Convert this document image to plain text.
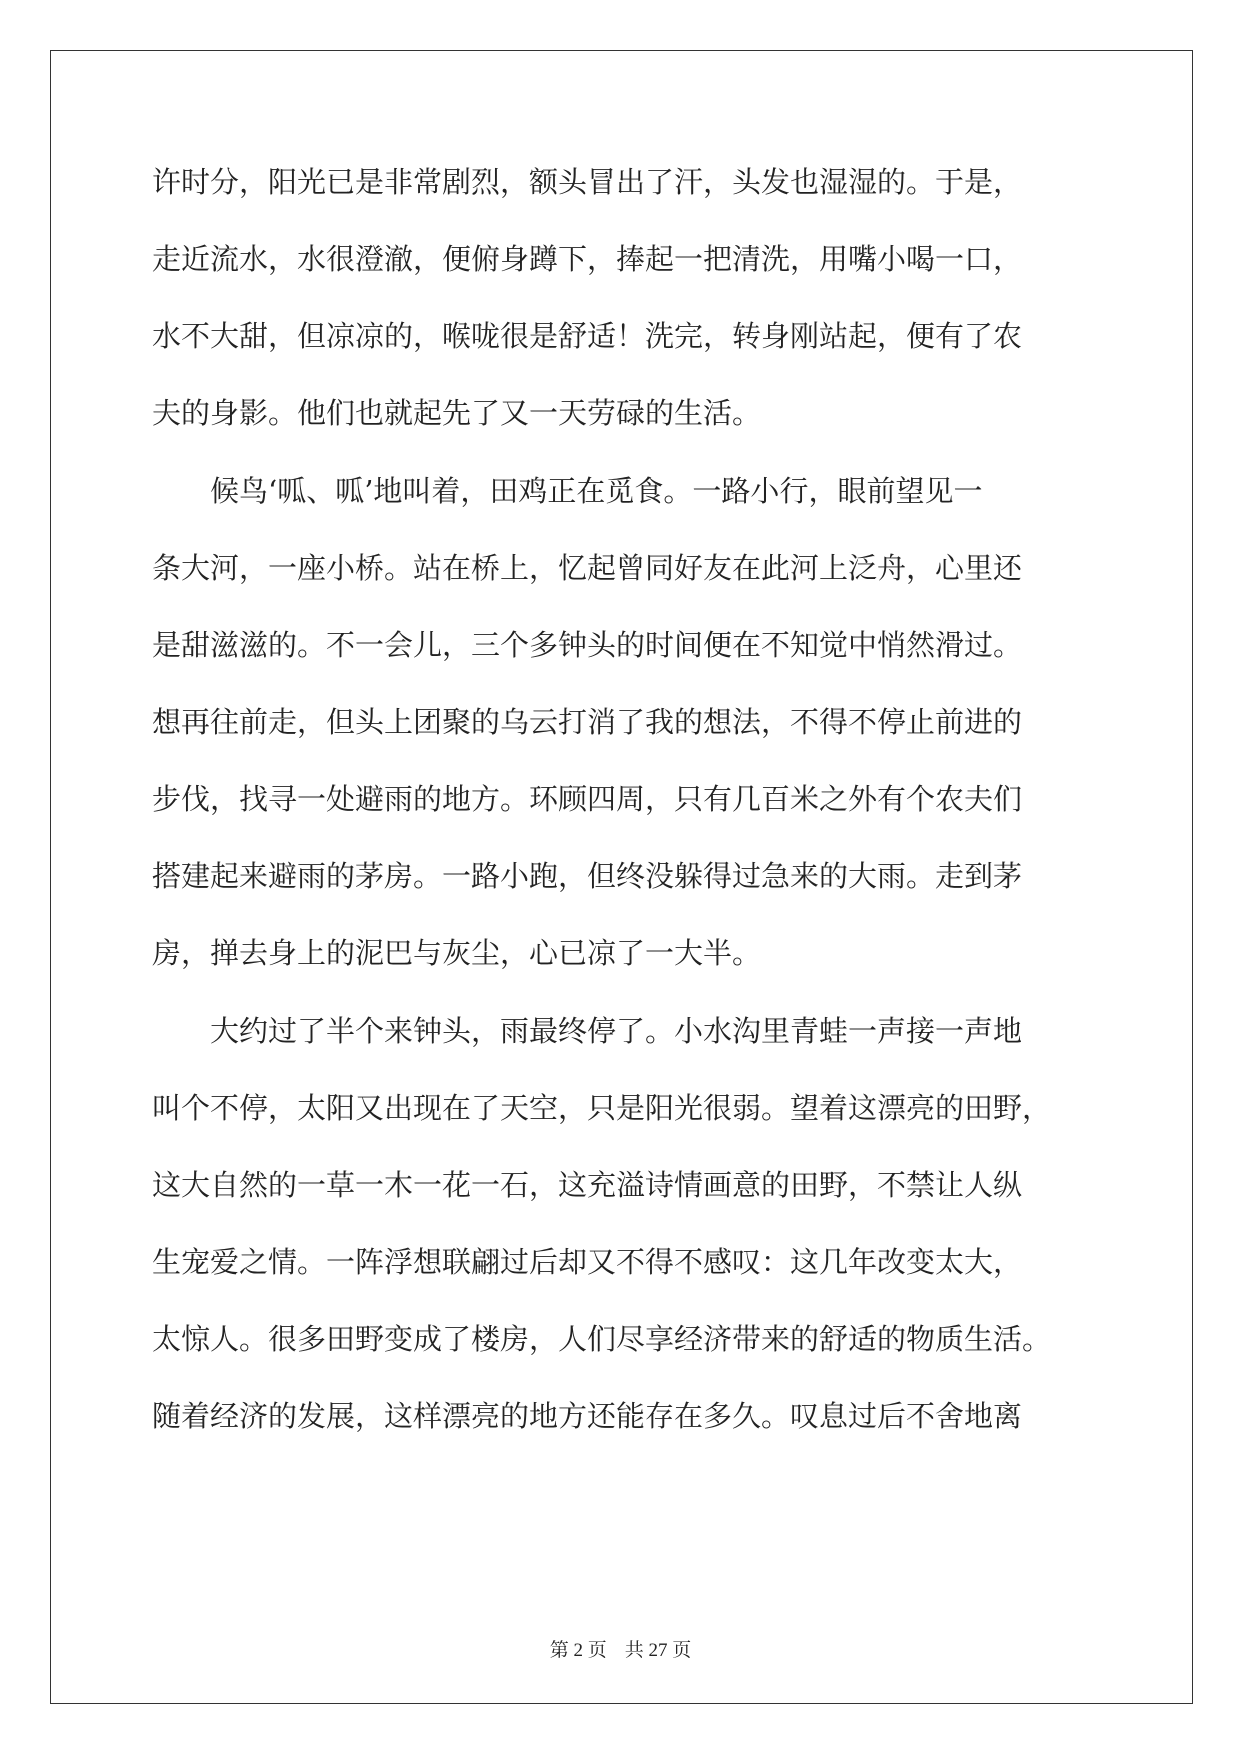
许时分，阳光已是非常剧烈，额头冒出了汗，头发也湿湿的。于是，
走近流水，水很澄澈，便俯身蹲下，捧起一把清洗，用嘴小喝一口，
水不大甜，但凉凉的，喉咙很是舒适！洗完，转身刚站起，便有了农
夫的身影。他们也就起先了又一天劳碌的生活。
　　候鸟‘呱、呱’地叫着，田鸡正在觅食。一路小行，眼前望见一
条大河，一座小桥。站在桥上，忆起曾同好友在此河上泛舟，心里还
是甜滋滋的。不一会儿，三个多钟头的时间便在不知觉中悄然滑过。
想再往前走，但头上团聚的乌云打消了我的想法，不得不停止前进的
步伐，找寻一处避雨的地方。环顾四周，只有几百米之外有个农夫们
搭建起来避雨的茅房。一路小跑，但终没躲得过急来的大雨。走到茅
房，掸去身上的泥巴与灰尘，心已凉了一大半。
　　大约过了半个来钟头，雨最终停了。小水沟里青蛙一声接一声地
叫个不停，太阳又出现在了天空，只是阳光很弱。望着这漂亮的田野，
这大自然的一草一木一花一石，这充溢诗情画意的田野，不禁让人纵
生宠爱之情。一阵浮想联翩过后却又不得不感叹：这几年改变太大，
太惊人。很多田野变成了楼房，人们尽享经济带来的舒适的物质生活。
随着经济的发展，这样漂亮的地方还能存在多久。叹息过后不舍地离
第 2 页 共 27 页
